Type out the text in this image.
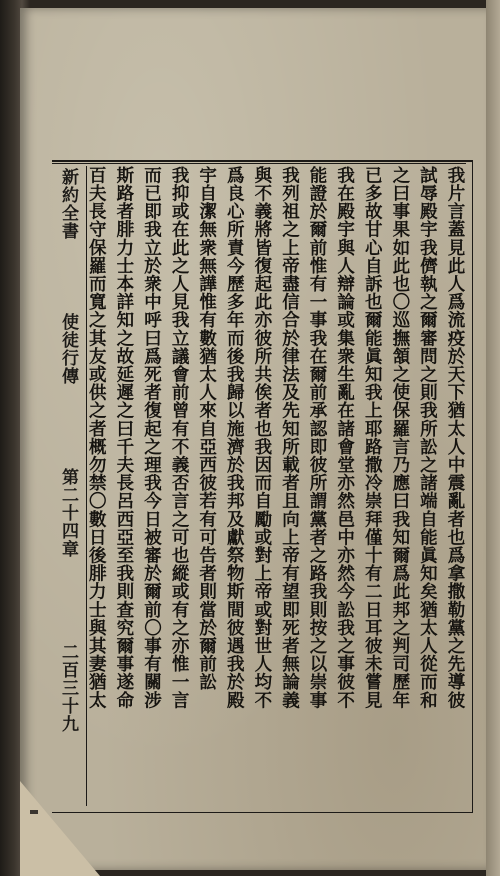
新約全書
使徒行傳
第二十四章
二百三十九	我片言蓋見此人爲流疫於天下猶太人中震亂者也爲拿撒勒黨之先導彼
試辱殿宇我儕執之爾審問之則我所訟之諸端自能眞知矣猶太人從而和
之曰事果如此也〇巡撫頷之使保羅言乃應曰我知爾爲此邦之判司歷年
已多故甘心自訴也爾能眞知我上耶路撒冷崇拜僅十有二日耳彼未嘗見
我在殿宇與人辯論或集衆生亂在諸會堂亦然邑中亦然今訟我之事彼不
能證於爾前惟有一事我在爾前承認即彼所謂黨者之路我則按之以崇事
我列祖之上帝盡信合於律法及先知所載者且向上帝有望即死者無論義
與不義將皆復起此亦彼所共俟者也我因而自勵或對上帝或對世人均不
爲良心所責今歷多年而後我歸以施濟於我邦及獻祭物斯間彼遇我於殿
宇自潔無衆無譁惟有數猶太人來自亞西彼若有可告者則當於爾前訟
我抑或在此之人見我立議會前曾有不義否言之可也縱或有之亦惟一言
而已即我立於衆中呼曰爲死者復起之理我今日被審於爾前〇事有關涉
斯路者腓力士本詳知之故延遲之曰千夫長呂西亞至我則查究爾事遂命
百夫長守保羅而寬之其友或供之者概勿禁〇數日後腓力士與其妻猶太
